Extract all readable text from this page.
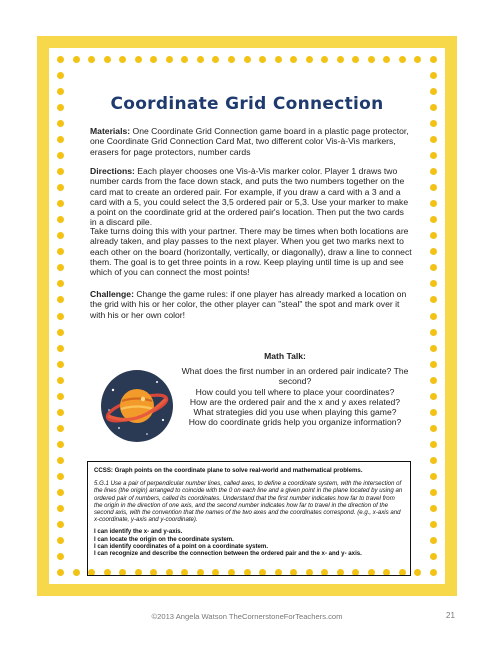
Coordinate Grid Connection

Materials: One Coordinate Grid Connection game board in a plastic page protector, one Coordinate Grid Connection Card Mat, two different color Vis-à-Vis markers, erasers for page protectors, number cards

Directions: Each player chooses one Vis-à-Vis marker color. Player 1 draws two number cards from the face down stack, and puts the two numbers together on the card mat to create an ordered pair. For example, if you draw a card with a 3 and a card with a 5, you could select the 3,5 ordered pair or 5,3. Use your marker to make a point on the coordinate grid at the ordered pair's location. Then put the two cards in a discard pile.

Take turns doing this with your partner. There may be times when both locations are already taken, and play passes to the next player. When you get two marks next to each other on the board (horizontally, vertically, or diagonally), draw a line to connect them. The goal is to get three points in a row. Keep playing until time is up and see which of you can connect the most points!

Challenge: Change the game rules: if one player has already marked a location on the grid with his or her color, the other player can "steal" the spot and mark over it with his or her own color!

Math Talk:

What does the first number in an ordered pair indicate? The second?
How could you tell where to place your coordinates?
How are the ordered pair and the x and y axes related?
What strategies did you use when playing this game?
How do coordinate grids help you organize information?

CCSS: Graph points on the coordinate plane to solve real-world and mathematical problems.

5.G.1 Use a pair of perpendicular number lines, called axes, to define a coordinate system, with the intersection of the lines (the origin) arranged to coincide with the 0 on each line and a given point in the plane located by using an ordered pair of numbers, called its coordinates. Understand that the first number indicates how far to travel from the origin in the direction of one axis, and the second number indicates how far to travel in the direction of the second axis, with the convention that the names of the two axes and the coordinates correspond. (e.g., x-axis and x-coordinate, y-axis and y-coordinate).

I can identify the x- and y-axis.
I can locate the origin on the coordinate system.
I can identify coordinates of a point on a coordinate system.
I can recognize and describe the connection between the ordered pair and the x- and y- axis.
©2013 Angela Watson TheCornerstoneForTeachers.com	21
